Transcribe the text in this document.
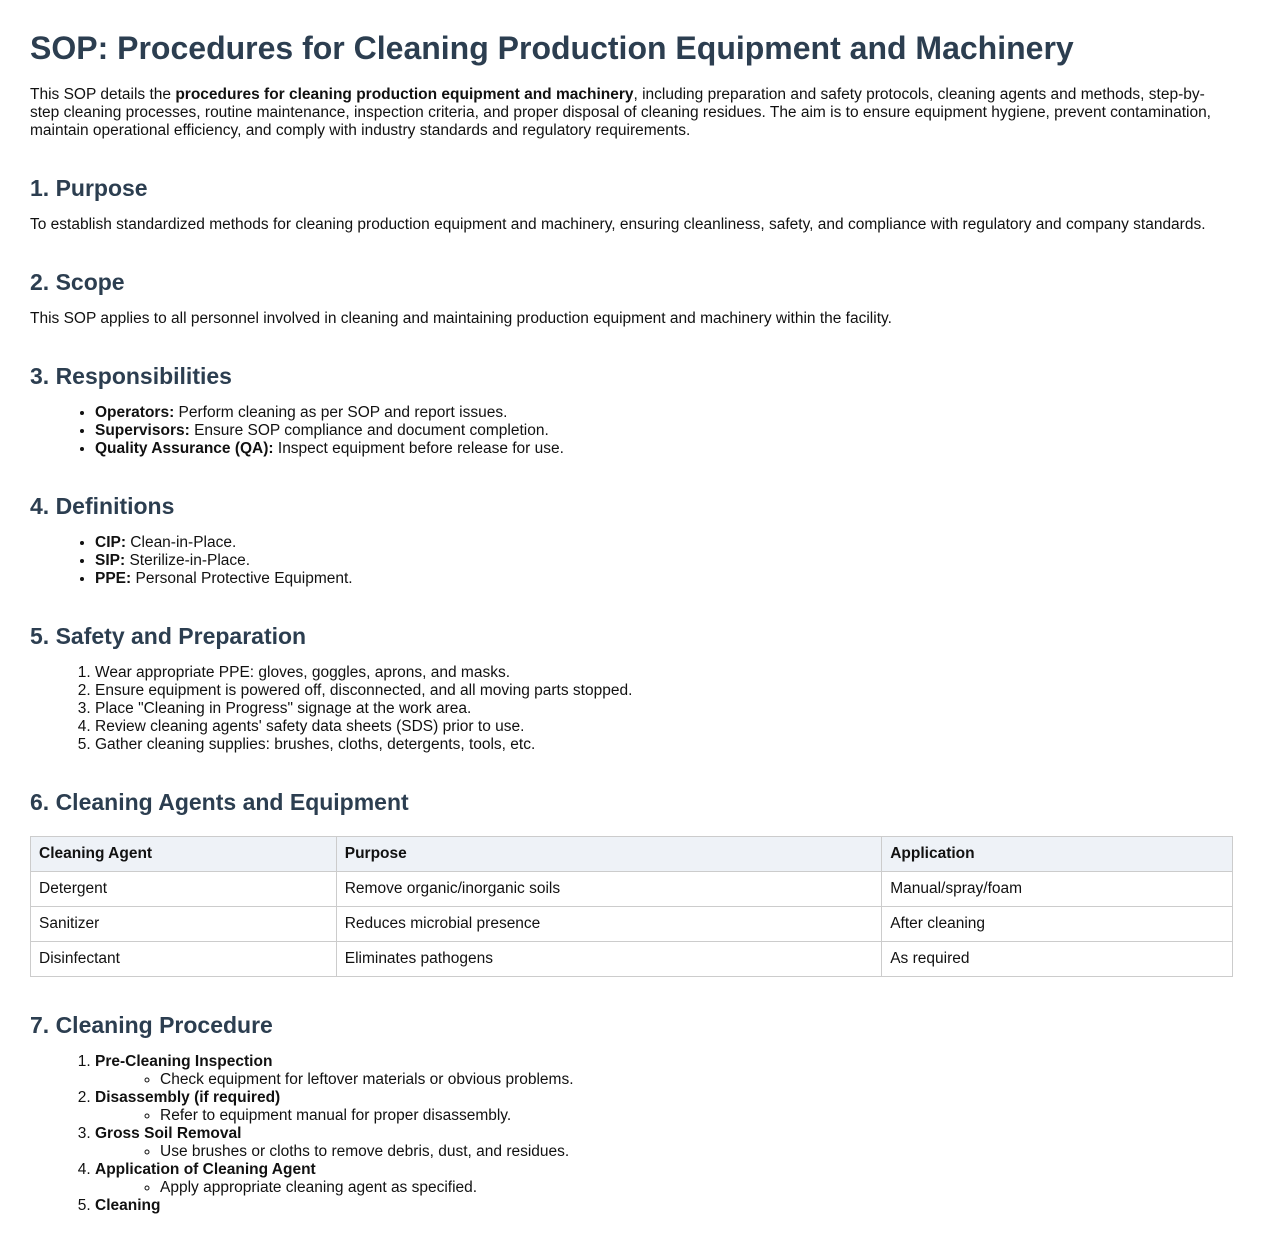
SOP: Procedures for Cleaning Production Equipment and Machinery

This SOP details the procedures for cleaning production equipment and machinery, including preparation and safety protocols, cleaning agents and methods, step-by-step cleaning processes, routine maintenance, inspection criteria, and proper disposal of cleaning residues. The aim is to ensure equipment hygiene, prevent contamination, maintain operational efficiency, and comply with industry standards and regulatory requirements.

1. Purpose

To establish standardized methods for cleaning production equipment and machinery, ensuring cleanliness, safety, and compliance with regulatory and company standards.

2. Scope

This SOP applies to all personnel involved in cleaning and maintaining production equipment and machinery within the facility.

3. Responsibilities
• Operators: Perform cleaning as per SOP and report issues.
• Supervisors: Ensure SOP compliance and document completion.
• Quality Assurance (QA): Inspect equipment before release for use.
4. Definitions
• CIP: Clean-in-Place.
• SIP: Sterilize-in-Place.
• PPE: Personal Protective Equipment.
5. Safety and Preparation
1. Wear appropriate PPE: gloves, goggles, aprons, and masks.
2. Ensure equipment is powered off, disconnected, and all moving parts stopped.
3. Place "Cleaning in Progress" signage at the work area.
4. Review cleaning agents' safety data sheets (SDS) prior to use.
5. Gather cleaning supplies: brushes, cloths, detergents, tools, etc.
6. Cleaning Agents and Equipment
Cleaning Agent	Purpose	Application
Detergent	Remove organic/inorganic soils	Manual/spray/foam
Sanitizer	Reduces microbial presence	After cleaning
Disinfectant	Eliminates pathogens	As required
7. Cleaning Procedure
1. Pre-Cleaning Inspection
◦ Check equipment for leftover materials or obvious problems.
2. Disassembly (if required)
◦ Refer to equipment manual for proper disassembly.
3. Gross Soil Removal
◦ Use brushes or cloths to remove debris, dust, and residues.
4. Application of Cleaning Agent
◦ Apply appropriate cleaning agent as specified.
5. Cleaning
